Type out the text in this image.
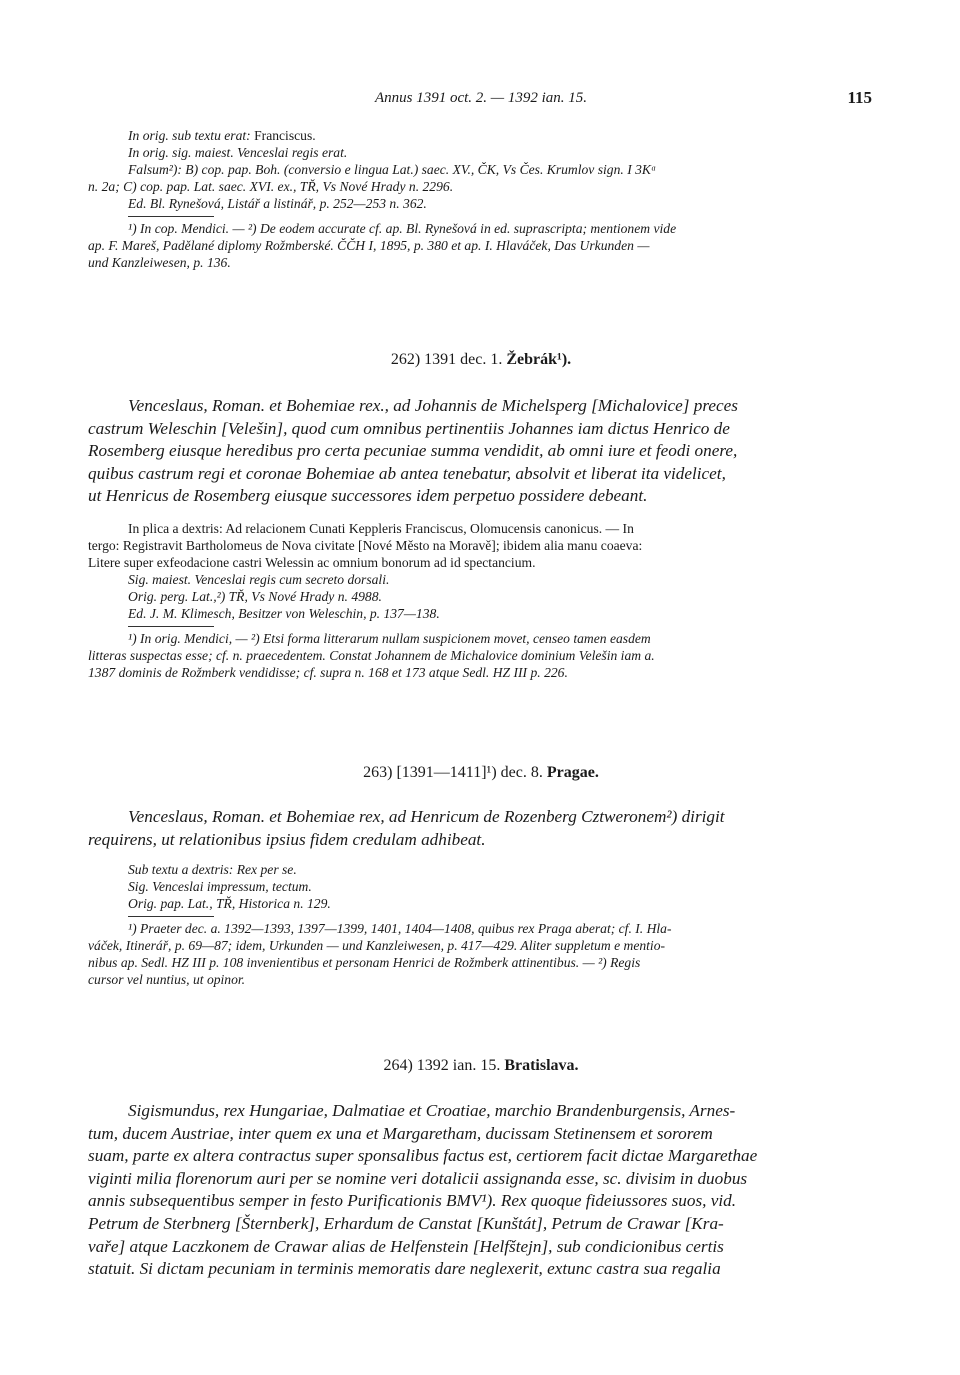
Annus 1391 oct. 2. — 1392 ian. 15.	115

In orig. sub textu erat: Franciscus.

In orig. sig. maiest. Venceslai regis erat.

Falsum²): B) cop. pap. Boh. (conversio e lingua Lat.) saec. XV., ČK, Vs Čes. Krumlov sign. I 3Kᵅ

n. 2a; C) cop. pap. Lat. saec. XVI. ex., TŘ, Vs Nové Hrady n. 2296.

Ed. Bl. Rynešová, Listář a listinář, p. 252—253 n. 362.

¹) In cop. Mendici. — ²) De eodem accurate cf. ap. Bl. Rynešová in ed. suprascripta; mentionem vide

ap. F. Mareš, Padělané diplomy Rožmberské. ČČH I, 1895, p. 380 et ap. I. Hlaváček, Das Urkunden —

und Kanzleiwesen, p. 136.

262) 1391 dec. 1. Žebrák¹).

Venceslaus, Roman. et Bohemiae rex., ad Johannis de Michelsperg [Michalovice] preces

castrum Weleschin [Velešin], quod cum omnibus pertinentiis Johannes iam dictus Henrico de

Rosemberg eiusque heredibus pro certa pecuniae summa vendidit, ab omni iure et feodi onere,

quibus castrum regi et coronae Bohemiae ab antea tenebatur, absolvit et liberat ita videlicet,

ut Henricus de Rosemberg eiusque successores idem perpetuo possidere debeant.

In plica a dextris: Ad relacionem Cunati Keppleris Franciscus, Olomucensis canonicus. — In

tergo: Registravit Bartholomeus de Nova civitate [Nové Město na Moravě]; ibidem alia manu coaeva:

Litere super exfeodacione castri Welessin ac omnium bonorum ad id spectancium.

Sig. maiest. Venceslai regis cum secreto dorsali.

Orig. perg. Lat.,²) TŘ, Vs Nové Hrady n. 4988.

Ed. J. M. Klimesch, Besitzer von Weleschin, p. 137—138.

¹) In orig. Mendici, — ²) Etsi forma litterarum nullam suspicionem movet, censeo tamen easdem

litteras suspectas esse; cf. n. praecedentem. Constat Johannem de Michalovice dominium Velešin iam a.

1387 dominis de Rožmberk vendidisse; cf. supra n. 168 et 173 atque Sedl. HZ III p. 226.

263) [1391—1411]¹) dec. 8. Pragae.

Venceslaus, Roman. et Bohemiae rex, ad Henricum de Rozenberg Cztweronem²) dirigit

requirens, ut relationibus ipsius fidem credulam adhibeat.

Sub textu a dextris: Rex per se.

Sig. Venceslai impressum, tectum.

Orig. pap. Lat., TŘ, Historica n. 129.

¹) Praeter dec. a. 1392—1393, 1397—1399, 1401, 1404—1408, quibus rex Praga aberat; cf. I. Hla-

váček, Itinerář, p. 69—87; idem, Urkunden — und Kanzleiwesen, p. 417—429. Aliter suppletum e mentio-

nibus ap. Sedl. HZ III p. 108 invenientibus et personam Henrici de Rožmberk attinentibus. — ²) Regis

cursor vel nuntius, ut opinor.

264) 1392 ian. 15. Bratislava.

Sigismundus, rex Hungariae, Dalmatiae et Croatiae, marchio Brandenburgensis, Arnes-

tum, ducem Austriae, inter quem ex una et Margaretham, ducissam Stetinensem et sororem

suam, parte ex altera contractus super sponsalibus factus est, certiorem facit dictae Margarethae

viginti milia florenorum auri per se nomine veri dotalicii assignanda esse, sc. divisim in duobus

annis subsequentibus semper in festo Purificationis BMV¹). Rex quoque fideiussores suos, vid.

Petrum de Sterbnerg [Šternberk], Erhardum de Canstat [Kunštát], Petrum de Crawar [Kra-

vaře] atque Laczkonem de Crawar alias de Helfenstein [Helfštejn], sub condicionibus certis

statuit. Si dictam pecuniam in terminis memoratis dare neglexerit, extunc castra sua regalia
